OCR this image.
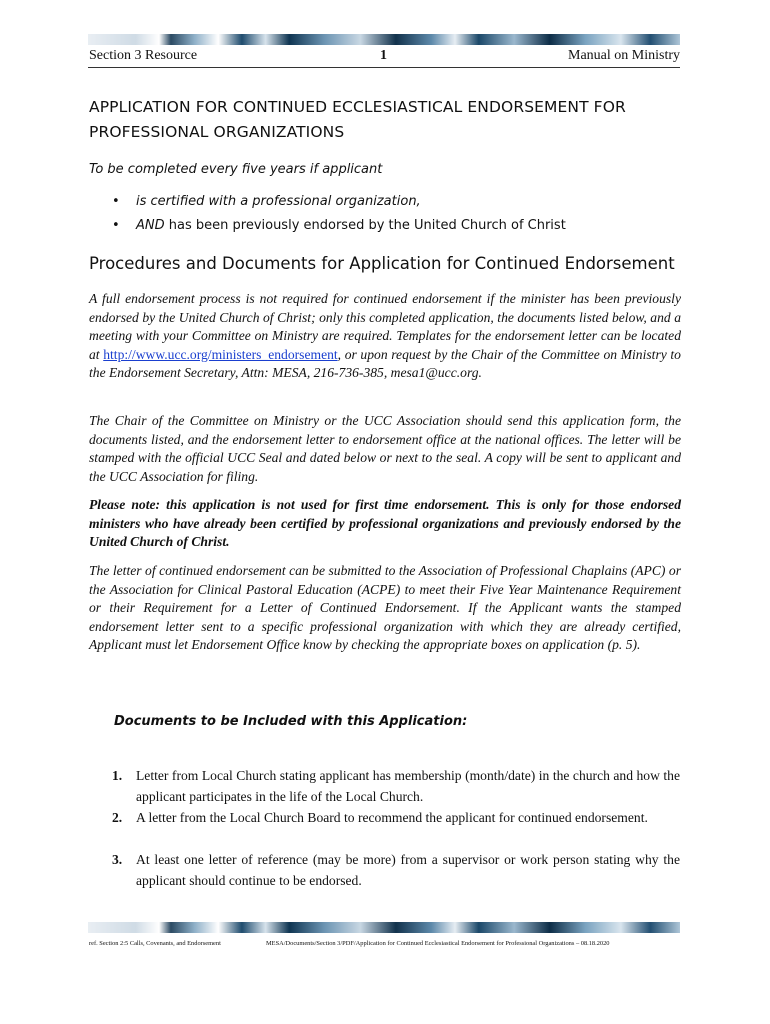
Section 3 Resource	1	Manual on Ministry
APPLICATION FOR CONTINUED ECCLESIASTICAL ENDORSEMENT FOR
PROFESSIONAL ORGANIZATIONS
To be completed every five years if applicant
• is certified with a professional organization,
• AND has been previously endorsed by the United Church of Christ
Procedures and Documents for Application for Continued Endorsement
A full endorsement process is not required for continued endorsement if the minister has been previously endorsed by the United Church of Christ; only this completed application, the documents listed below, and a meeting with your Committee on Ministry are required. Templates for the endorsement letter can be located at http://www.ucc.org/ministers_endorsement, or upon request by the Chair of the Committee on Ministry to the Endorsement Secretary, Attn: MESA, 216-736-385, mesa1@ucc.org.
The Chair of the Committee on Ministry or the UCC Association should send this application form, the documents listed, and the endorsement letter to endorsement office at the national offices. The letter will be stamped with the official UCC Seal and dated below or next to the seal. A copy will be sent to applicant and the UCC Association for filing.
Please note: this application is not used for first time endorsement. This is only for those endorsed ministers who have already been certified by professional organizations and previously endorsed by the United Church of Christ.
The letter of continued endorsement can be submitted to the Association of Professional Chaplains (APC) or the Association for Clinical Pastoral Education (ACPE) to meet their Five Year Maintenance Requirement or their Requirement for a Letter of Continued Endorsement. If the Applicant wants the stamped endorsement letter sent to a specific professional organization with which they are already certified, Applicant must let Endorsement Office know by checking the appropriate boxes on application (p. 5).
Documents to be Included with this Application:
1. Letter from Local Church stating applicant has membership (month/date) in the church and how the applicant participates in the life of the Local Church.
2. A letter from the Local Church Board to recommend the applicant for continued endorsement.
3. At least one letter of reference (may be more) from a supervisor or work person stating why the applicant should continue to be endorsed.
ref. Section 2:5 Calls, Covenants, and Endorsement	MESA/Documents/Section 3/PDF/Application for Continued Ecclesiastical Endorsement for Professional Organizations – 08.18.2020
